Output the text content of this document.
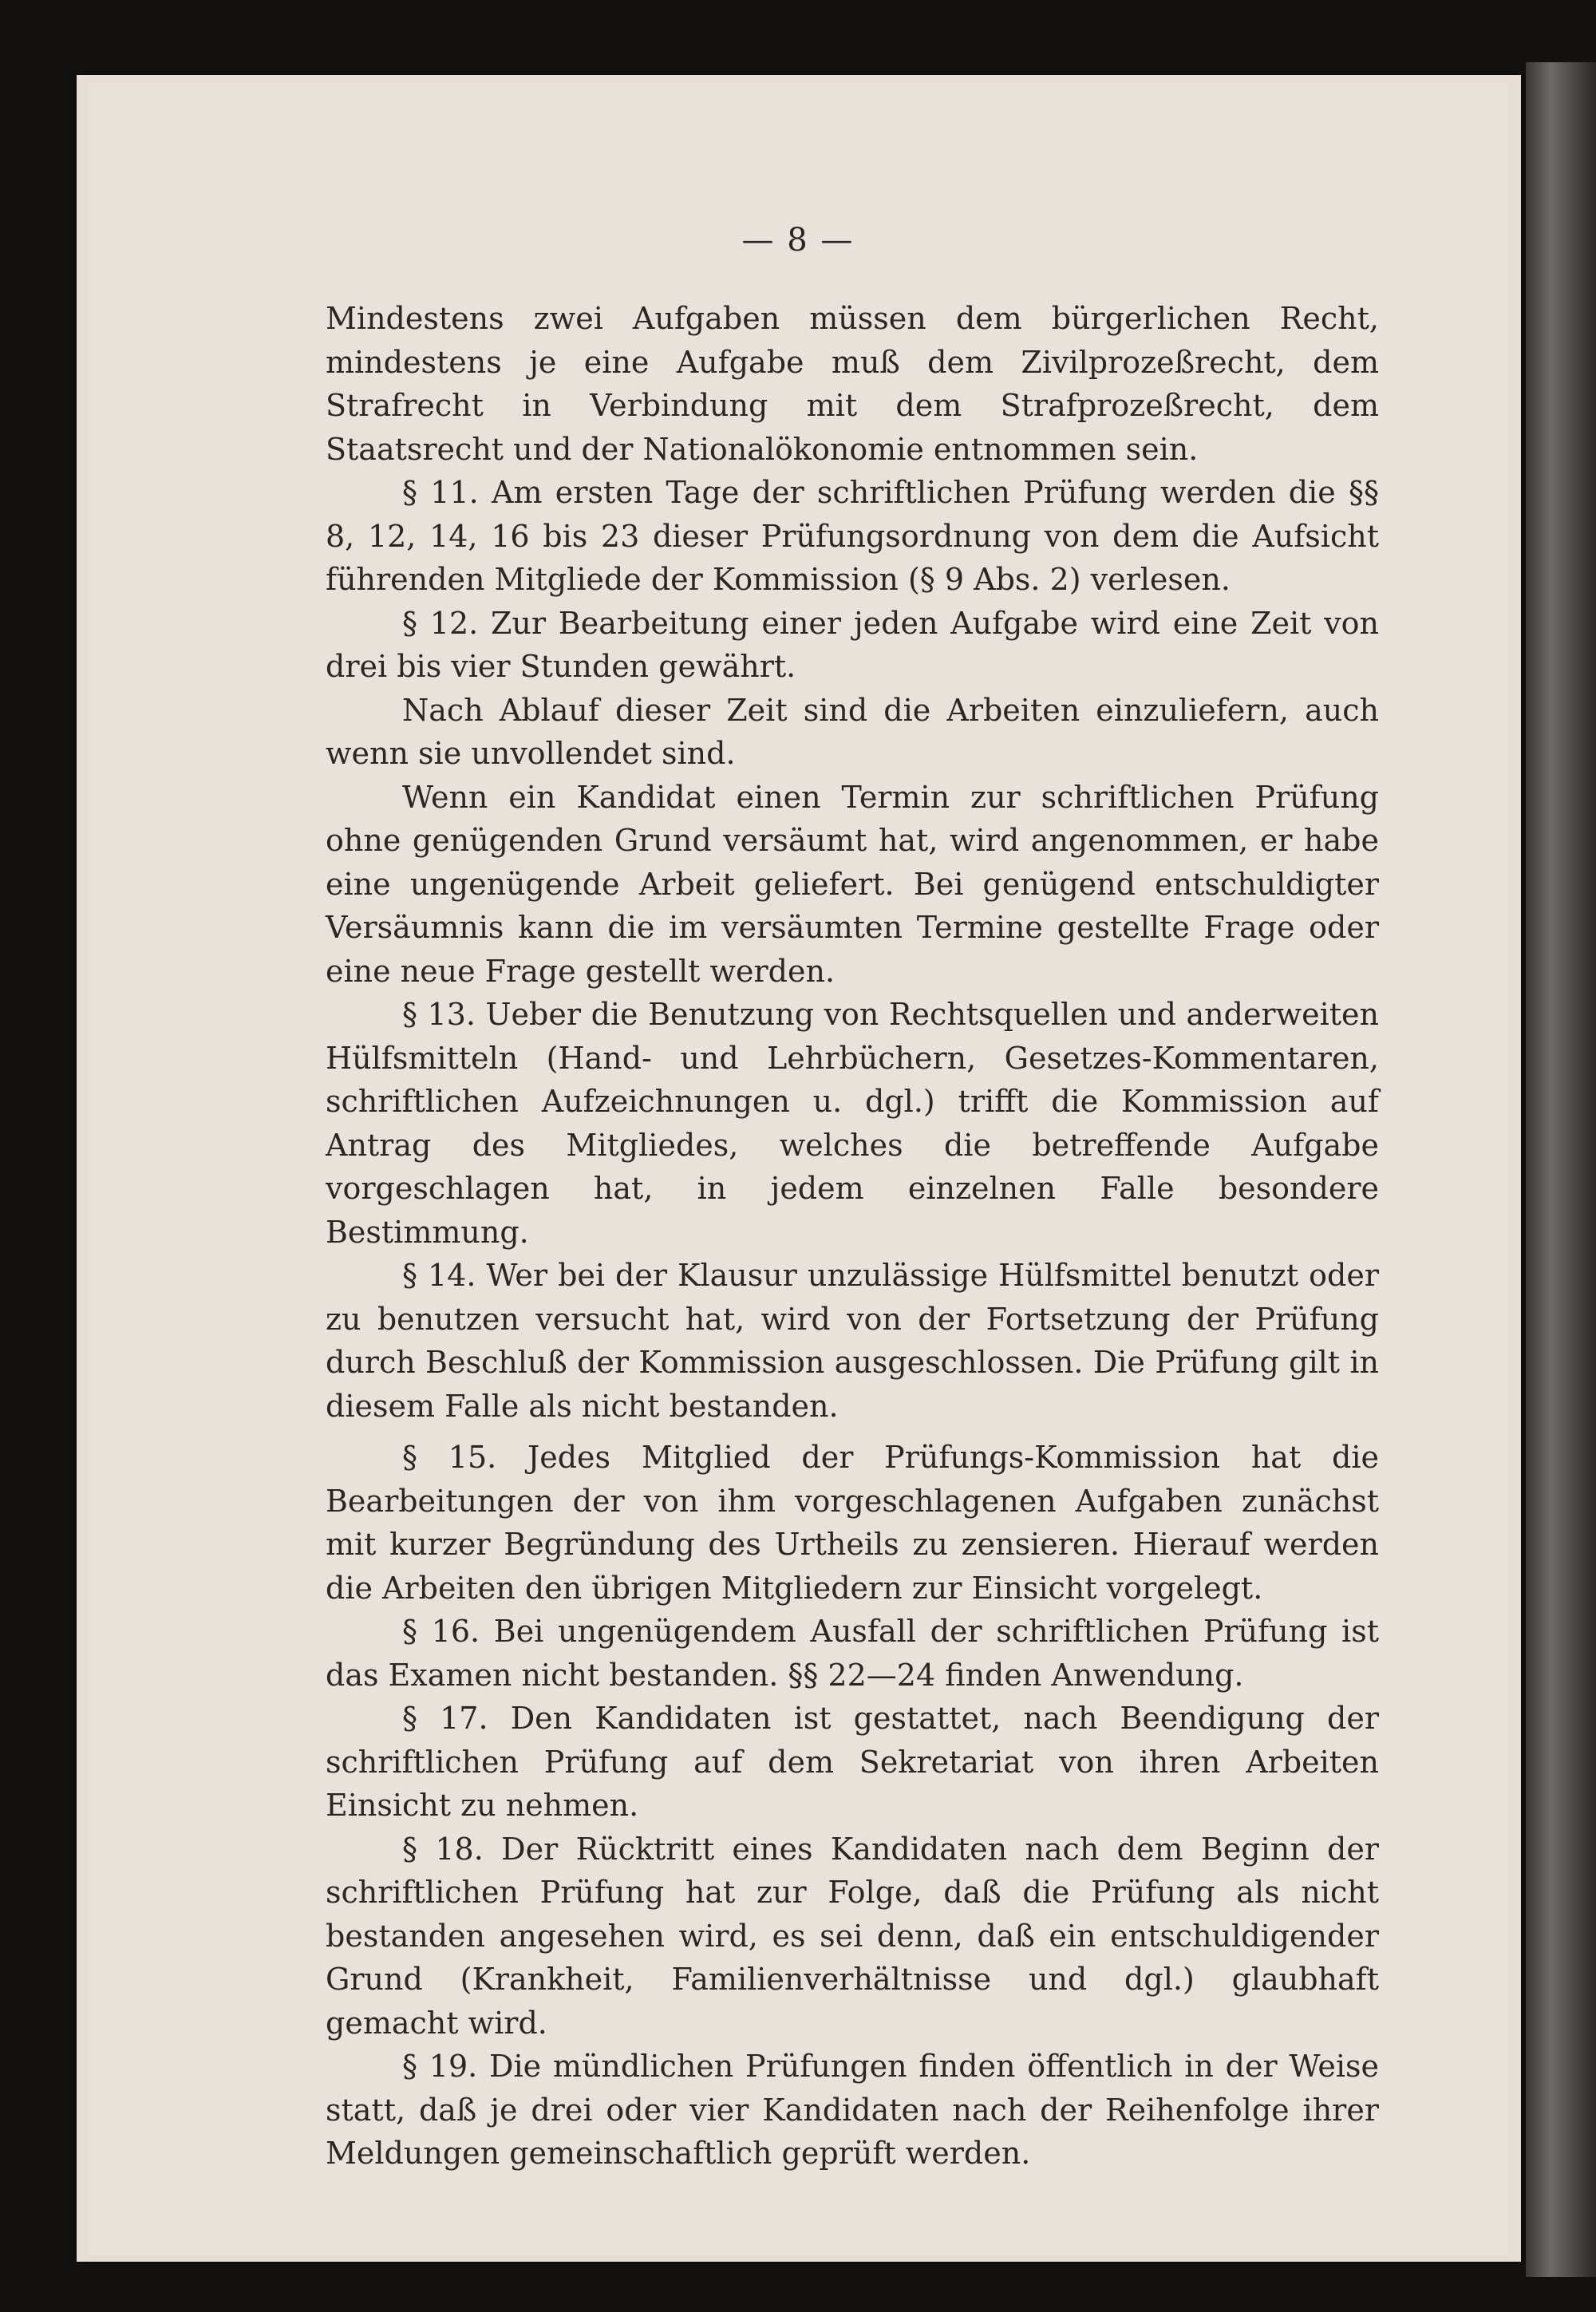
— 8 —

Mindestens zwei Aufgaben müssen dem bürgerlichen Recht, mindestens je eine Aufgabe muß dem Zivilprozeßrecht, dem Strafrecht in Verbindung mit dem Strafprozeßrecht, dem Staatsrecht und der Nationalökonomie entnommen sein.

§ 11. Am ersten Tage der schriftlichen Prüfung werden die §§ 8, 12, 14, 16 bis 23 dieser Prüfungsordnung von dem die Aufsicht führenden Mitgliede der Kommission (§ 9 Abs. 2) verlesen.

§ 12. Zur Bearbeitung einer jeden Aufgabe wird eine Zeit von drei bis vier Stunden gewährt.

Nach Ablauf dieser Zeit sind die Arbeiten einzuliefern, auch wenn sie unvollendet sind.

Wenn ein Kandidat einen Termin zur schriftlichen Prüfung ohne genügenden Grund versäumt hat, wird angenommen, er habe eine ungenügende Arbeit geliefert. Bei genügend entschuldigter Versäumnis kann die im versäumten Termine gestellte Frage oder eine neue Frage gestellt werden.

§ 13. Ueber die Benutzung von Rechtsquellen und anderweiten Hülfsmitteln (Hand- und Lehrbüchern, Gesetzes-Kommentaren, schriftlichen Aufzeichnungen u. dgl.) trifft die Kommission auf Antrag des Mitgliedes, welches die betreffende Aufgabe vorgeschlagen hat, in jedem einzelnen Falle besondere Bestimmung.

§ 14. Wer bei der Klausur unzulässige Hülfsmittel benutzt oder zu benutzen versucht hat, wird von der Fortsetzung der Prüfung durch Beschluß der Kommission ausgeschlossen. Die Prüfung gilt in diesem Falle als nicht bestanden.

§ 15. Jedes Mitglied der Prüfungs-Kommission hat die Bearbeitungen der von ihm vorgeschlagenen Aufgaben zunächst mit kurzer Begründung des Urtheils zu zensieren. Hierauf werden die Arbeiten den übrigen Mitgliedern zur Einsicht vorgelegt.

§ 16. Bei ungenügendem Ausfall der schriftlichen Prüfung ist das Examen nicht bestanden. §§ 22—24 finden Anwendung.

§ 17. Den Kandidaten ist gestattet, nach Beendigung der schriftlichen Prüfung auf dem Sekretariat von ihren Arbeiten Einsicht zu nehmen.

§ 18. Der Rücktritt eines Kandidaten nach dem Beginn der schriftlichen Prüfung hat zur Folge, daß die Prüfung als nicht bestanden angesehen wird, es sei denn, daß ein entschuldigender Grund (Krankheit, Familienverhältnisse und dgl.) glaubhaft gemacht wird.

§ 19. Die mündlichen Prüfungen finden öffentlich in der Weise statt, daß je drei oder vier Kandidaten nach der Reihenfolge ihrer Meldungen gemeinschaftlich geprüft werden.
